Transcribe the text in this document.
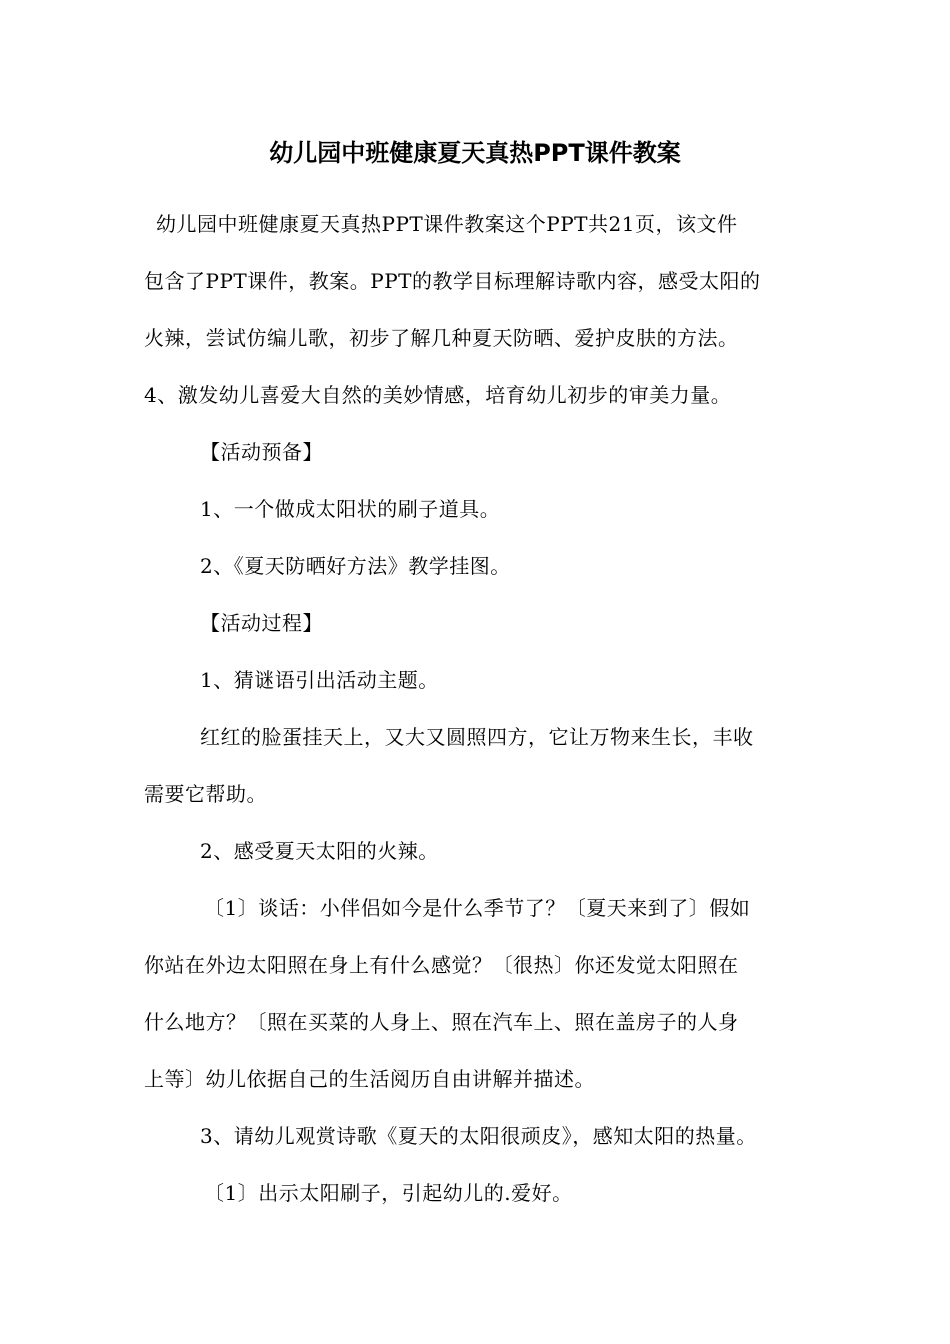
幼儿园中班健康夏天真热PPT课件教案

幼儿园中班健康夏天真热PPT课件教案这个PPT共21页，该文件
包含了PPT课件，教案。PPT的教学目标理解诗歌内容，感受太阳的
火辣，尝试仿编儿歌，初步了解几种夏天防晒、爱护皮肤的方法。
4、激发幼儿喜爱大自然的美妙情感，培育幼儿初步的审美力量。

【活动预备】

1、一个做成太阳状的刷子道具。

2、《夏天防晒好方法》教学挂图。

【活动过程】

1、猜谜语引出活动主题。

红红的脸蛋挂天上，又大又圆照四方，它让万物来生长，丰收
需要它帮助。

2、感受夏天太阳的火辣。

〔1〕谈话：小伴侣如今是什么季节了？〔夏天来到了〕假如
你站在外边太阳照在身上有什么感觉？〔很热〕你还发觉太阳照在
什么地方？〔照在买菜的人身上、照在汽车上、照在盖房子的人身
上等〕幼儿依据自己的生活阅历自由讲解并描述。

3、请幼儿观赏诗歌《夏天的太阳很顽皮》，感知太阳的热量。

〔1〕出示太阳刷子，引起幼儿的.爱好。
